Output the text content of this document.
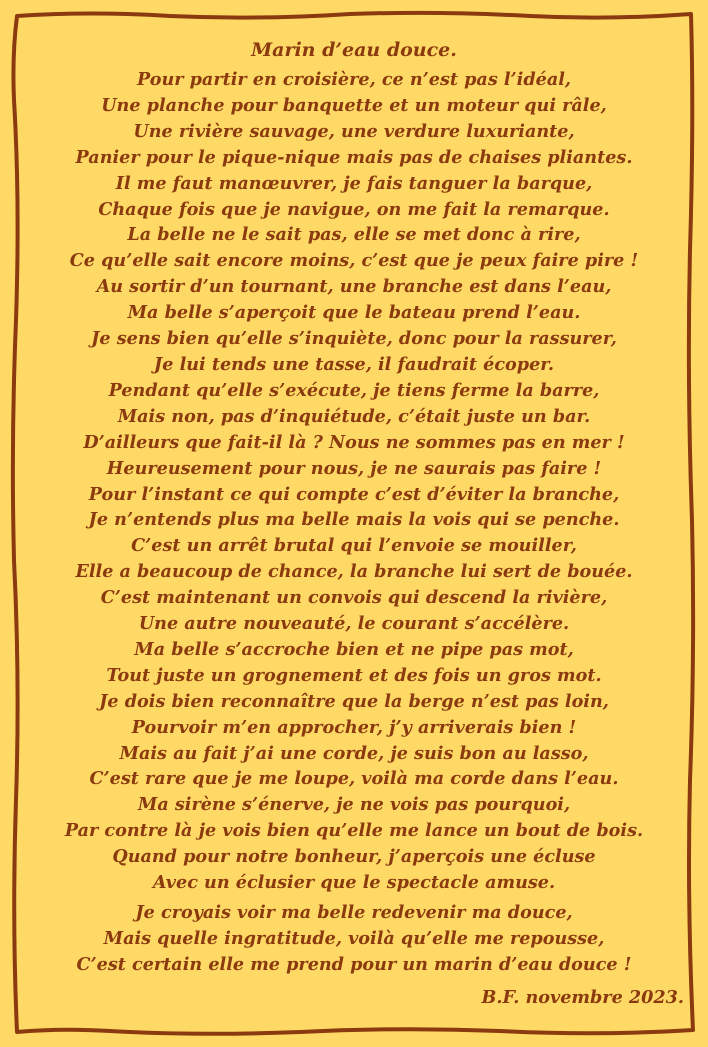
Marin d’eau douce.
Pour partir en croisière, ce n’est pas l’idéal,
Une planche pour banquette et un moteur qui râle,
Une rivière sauvage, une verdure luxuriante,
Panier pour le pique-nique mais pas de chaises pliantes.
Il me faut manœuvrer, je fais tanguer la barque,
Chaque fois que je navigue, on me fait la remarque.
La belle ne le sait pas, elle se met donc à rire,
Ce qu’elle sait encore moins, c’est que je peux faire pire !
Au sortir d’un tournant, une branche est dans l’eau,
Ma belle s’aperçoit que le bateau prend l’eau.
Je sens bien qu’elle s’inquiète, donc pour la rassurer,
Je lui tends une tasse, il faudrait écoper.
Pendant qu’elle s’exécute, je tiens ferme la barre,
Mais non, pas d’inquiétude, c’était juste un bar.
D’ailleurs que fait-il là ? Nous ne sommes pas en mer !
Heureusement pour nous, je ne saurais pas faire !
Pour l’instant ce qui compte c’est d’éviter la branche,
Je n’entends plus ma belle mais la vois qui se penche.
C’est un arrêt brutal qui l’envoie se mouiller,
Elle a beaucoup de chance, la branche lui sert de bouée.
C’est maintenant un convois qui descend la rivière,
Une autre nouveauté, le courant s’accélère.
Ma belle s’accroche bien et ne pipe pas mot,
Tout juste un grognement et des fois un gros mot.
Je dois bien reconnaître que la berge n’est pas loin,
Pourvoir m’en approcher, j’y arriverais bien !
Mais au fait j’ai une corde, je suis bon au lasso,
C’est rare que je me loupe, voilà ma corde dans l’eau.
Ma sirène s’énerve, je ne vois pas pourquoi,
Par contre là je vois bien qu’elle me lance un bout de bois.
Quand pour notre bonheur, j’aperçois une écluse
Avec un éclusier que le spectacle amuse.
Je croyais voir ma belle redevenir ma douce,
Mais quelle ingratitude, voilà qu’elle me repousse,
C’est certain elle me prend pour un marin d’eau douce !
B.F. novembre 2023.
